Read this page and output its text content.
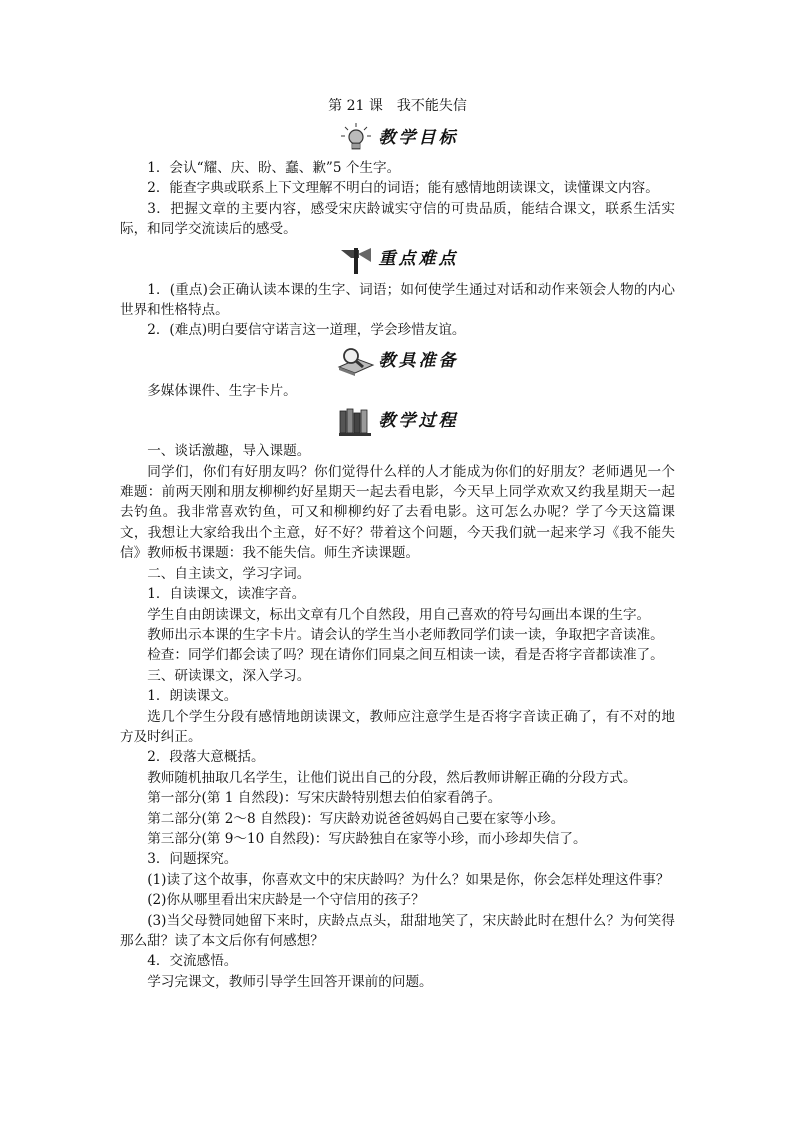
第 21 课　我不能失信
教学目标

1．会认“耀、庆、盼、蠢、歉”5 个生字。

2．能查字典或联系上下文理解不明白的词语；能有感情地朗读课文，读懂课文内容。

3．把握文章的主要内容，感受宋庆龄诚实守信的可贵品质，能结合课文，联系生活实际，和同学交流读后的感受。

重点难点

1．(重点)会正确认读本课的生字、词语；如何使学生通过对话和动作来领会人物的内心世界和性格特点。

2．(难点)明白要信守诺言这一道理，学会珍惜友谊。

教具准备

多媒体课件、生字卡片。

教学过程

一、谈话激趣，导入课题。

同学们，你们有好朋友吗？你们觉得什么样的人才能成为你们的好朋友？老师遇见一个难题：前两天刚和朋友柳柳约好星期天一起去看电影，今天早上同学欢欢又约我星期天一起去钓鱼。我非常喜欢钓鱼，可又和柳柳约好了去看电影。这可怎么办呢？学了今天这篇课文，我想让大家给我出个主意，好不好？带着这个问题，今天我们就一起来学习《我不能失信》教师板书课题：我不能失信。师生齐读课题。

二、自主读文，学习字词。

1．自读课文，读准字音。

学生自由朗读课文，标出文章有几个自然段，用自己喜欢的符号勾画出本课的生字。

教师出示本课的生字卡片。请会认的学生当小老师教同学们读一读，争取把字音读准。

检查：同学们都会读了吗？现在请你们同桌之间互相读一读，看是否将字音都读准了。

三、研读课文，深入学习。

1．朗读课文。

选几个学生分段有感情地朗读课文，教师应注意学生是否将字音读正确了，有不对的地方及时纠正。

2．段落大意概括。

教师随机抽取几名学生，让他们说出自己的分段，然后教师讲解正确的分段方式。

第一部分(第 1 自然段)：写宋庆龄特别想去伯伯家看鸽子。

第二部分(第 2～8 自然段)：写庆龄劝说爸爸妈妈自己要在家等小珍。

第三部分(第 9～10 自然段)：写庆龄独自在家等小珍，而小珍却失信了。

3．问题探究。

(1)读了这个故事，你喜欢文中的宋庆龄吗？为什么？如果是你，你会怎样处理这件事？

(2)你从哪里看出宋庆龄是一个守信用的孩子？

(3)当父母赞同她留下来时，庆龄点点头，甜甜地笑了，宋庆龄此时在想什么？为何笑得那么甜？读了本文后你有何感想？

4．交流感悟。

学习完课文，教师引导学生回答开课前的问题。
